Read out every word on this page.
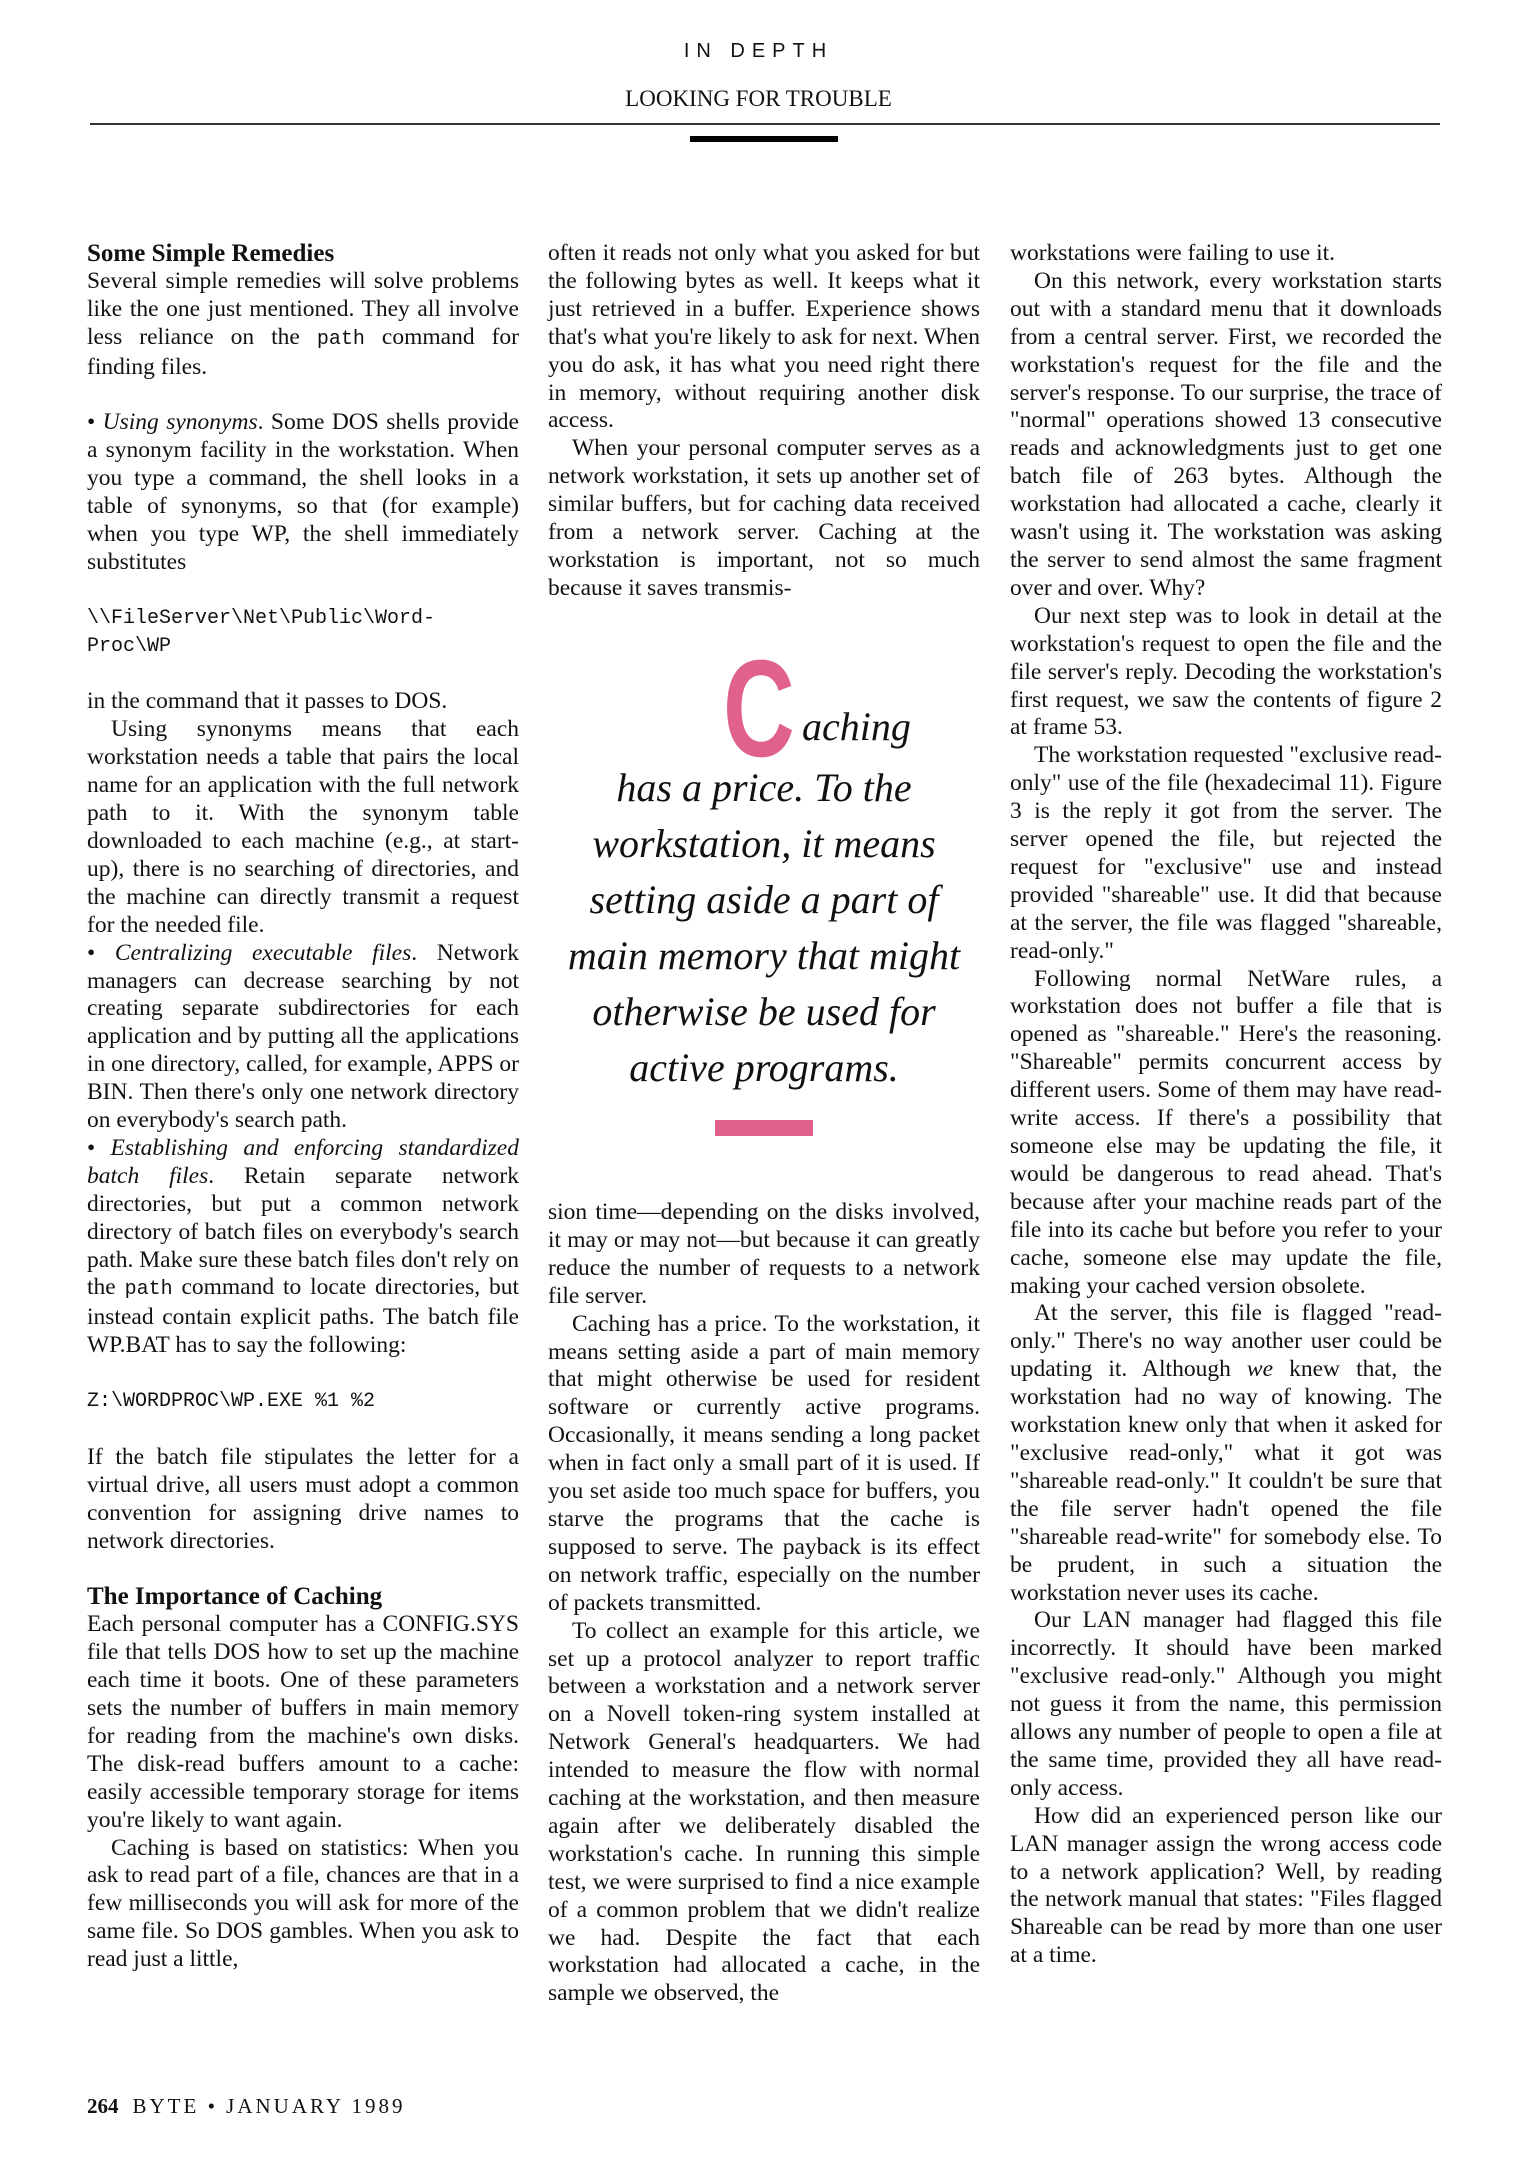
IN DEPTH
LOOKING FOR TROUBLE
Some Simple Remedies

Several simple remedies will solve problems like the one just mentioned. They all involve less reliance on the path command for finding files.

• Using synonyms. Some DOS shells provide a synonym facility in the workstation. When you type a command, the shell looks in a table of synonyms, so that (for example) when you type WP, the shell immediately substitutes

\\FileServer\Net\Public\Word-Proc\WP

in the command that it passes to DOS.

Using synonyms means that each workstation needs a table that pairs the local name for an application with the full network path to it. With the synonym table downloaded to each machine (e.g., at start-up), there is no searching of directories, and the machine can directly transmit a request for the needed file.

• Centralizing executable files. Network managers can decrease searching by not creating separate subdirectories for each application and by putting all the applications in one directory, called, for example, APPS or BIN. Then there's only one network directory on everybody's search path.

• Establishing and enforcing standardized batch files. Retain separate network directories, but put a common network directory of batch files on everybody's search path. Make sure these batch files don't rely on the path command to locate directories, but instead contain explicit paths. The batch file WP.BAT has to say the following:

Z:\WORDPROC\WP.EXE %1 %2

If the batch file stipulates the letter for a virtual drive, all users must adopt a common convention for assigning drive names to network directories.

The Importance of Caching

Each personal computer has a CONFIG.SYS file that tells DOS how to set up the machine each time it boots. One of these parameters sets the number of buffers in main memory for reading from the machine's own disks. The disk-read buffers amount to a cache: easily accessible temporary storage for items you're likely to want again.

Caching is based on statistics: When you ask to read part of a file, chances are that in a few milliseconds you will ask for more of the same file. So DOS gambles. When you ask to read just a little,

often it reads not only what you asked for but the following bytes as well. It keeps what it just retrieved in a buffer. Experience shows that's what you're likely to ask for next. When you do ask, it has what you need right there in memory, without requiring another disk access.

When your personal computer serves as a network workstation, it sets up another set of similar buffers, but for caching data received from a network server. Caching at the workstation is important, not so much because it saves transmis-

C aching
has a price. To the workstation, it means setting aside a part of main memory that might otherwise be used for active programs.

sion time—depending on the disks involved, it may or may not—but because it can greatly reduce the number of requests to a network file server.

Caching has a price. To the workstation, it means setting aside a part of main memory that might otherwise be used for resident software or currently active programs. Occasionally, it means sending a long packet when in fact only a small part of it is used. If you set aside too much space for buffers, you starve the programs that the cache is supposed to serve. The payback is its effect on network traffic, especially on the number of packets transmitted.

To collect an example for this article, we set up a protocol analyzer to report traffic between a workstation and a network server on a Novell token-ring system installed at Network General's headquarters. We had intended to measure the flow with normal caching at the workstation, and then measure again after we deliberately disabled the workstation's cache. In running this simple test, we were surprised to find a nice example of a common problem that we didn't realize we had. Despite the fact that each workstation had allocated a cache, in the sample we observed, the

workstations were failing to use it.

On this network, every workstation starts out with a standard menu that it downloads from a central server. First, we recorded the workstation's request for the file and the server's response. To our surprise, the trace of "normal" operations showed 13 consecutive reads and acknowledgments just to get one batch file of 263 bytes. Although the workstation had allocated a cache, clearly it wasn't using it. The workstation was asking the server to send almost the same fragment over and over. Why?

Our next step was to look in detail at the workstation's request to open the file and the file server's reply. Decoding the workstation's first request, we saw the contents of figure 2 at frame 53.

The workstation requested "exclusive read-only" use of the file (hexadecimal 11). Figure 3 is the reply it got from the server. The server opened the file, but rejected the request for "exclusive" use and instead provided "shareable" use. It did that because at the server, the file was flagged "shareable, read-only."

Following normal NetWare rules, a workstation does not buffer a file that is opened as "shareable." Here's the reasoning. "Shareable" permits concurrent access by different users. Some of them may have read-write access. If there's a possibility that someone else may be updating the file, it would be dangerous to read ahead. That's because after your machine reads part of the file into its cache but before you refer to your cache, someone else may update the file, making your cached version obsolete.

At the server, this file is flagged "read-only." There's no way another user could be updating it. Although we knew that, the workstation had no way of knowing. The workstation knew only that when it asked for "exclusive read-only," what it got was "shareable read-only." It couldn't be sure that the file server hadn't opened the file "shareable read-write" for somebody else. To be prudent, in such a situation the workstation never uses its cache.

Our LAN manager had flagged this file incorrectly. It should have been marked "exclusive read-only." Although you might not guess it from the name, this permission allows any number of people to open a file at the same time, provided they all have read-only access.

How did an experienced person like our LAN manager assign the wrong access code to a network application? Well, by reading the network manual that states: "Files flagged Shareable can be read by more than one user at a time.

264 BYTE • JANUARY 1989
